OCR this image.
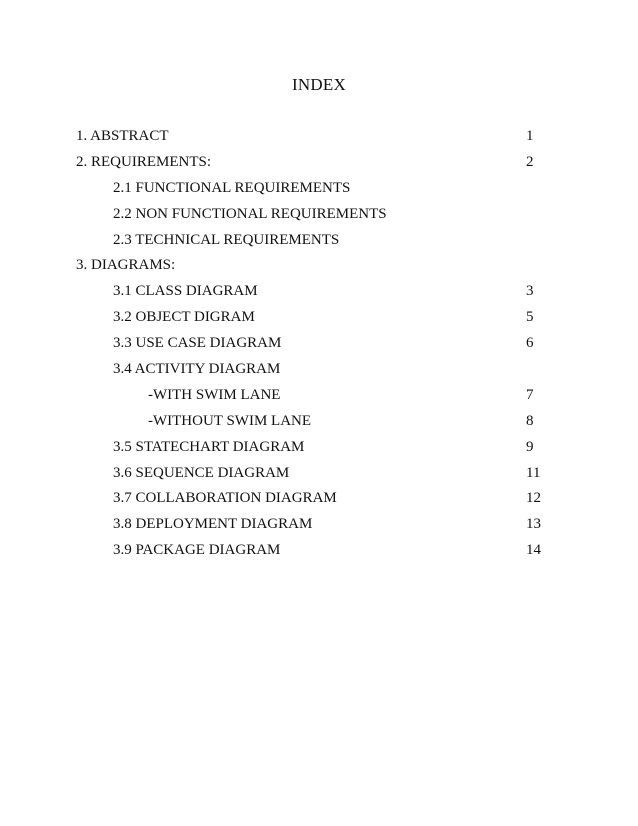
INDEX
1. ABSTRACT	1
2. REQUIREMENTS:	2
2.1 FUNCTIONAL REQUIREMENTS
2.2 NON FUNCTIONAL REQUIREMENTS
2.3 TECHNICAL REQUIREMENTS
3. DIAGRAMS:
3.1 CLASS DIAGRAM	3
3.2 OBJECT DIGRAM	5
3.3 USE CASE DIAGRAM	6
3.4 ACTIVITY DIAGRAM
-WITH SWIM LANE	7
-WITHOUT SWIM LANE	8
3.5 STATECHART DIAGRAM	9
3.6 SEQUENCE DIAGRAM	11
3.7 COLLABORATION DIAGRAM	12
3.8 DEPLOYMENT DIAGRAM	13
3.9 PACKAGE DIAGRAM	14
